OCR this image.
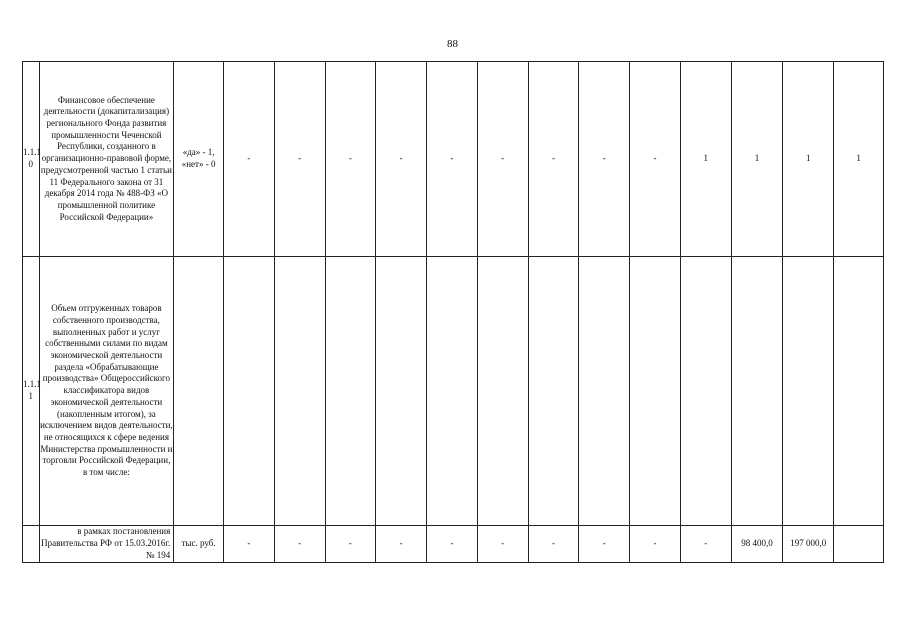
88
1.1.1
0	Финансовое обеспечение деятельности (докапитализация) регионального Фонда развития промышленности Чеченской Республики, созданного в организационно-правовой форме, предусмотренной частью 1 статьи 11 Федерального закона от 31 декабря 2014 года № 488-ФЗ «О промышленной политике Российской Федерации»	«да» - 1, «нет» - 0	-	-	-	-	-	-	-	-	-	1	1	1	1
1.1.1
1	Объем отгруженных товаров собственного производства, выполненных работ и услуг собственными силами по видам экономической деятельности раздела «Обрабатывающие производства» Общероссийского классификатора видов экономической деятельности (накопленным итогом), за исключением видов деятельности, не относящихся к сфере ведения Министерства промышленности и торговли Российской Федерации, в том числе:														
	в рамках постановления Правительства РФ от 15.03.2016г. № 194	тыс. руб.	-	-	-	-	-	-	-	-	-	-	98 400,0	197 000,0	
